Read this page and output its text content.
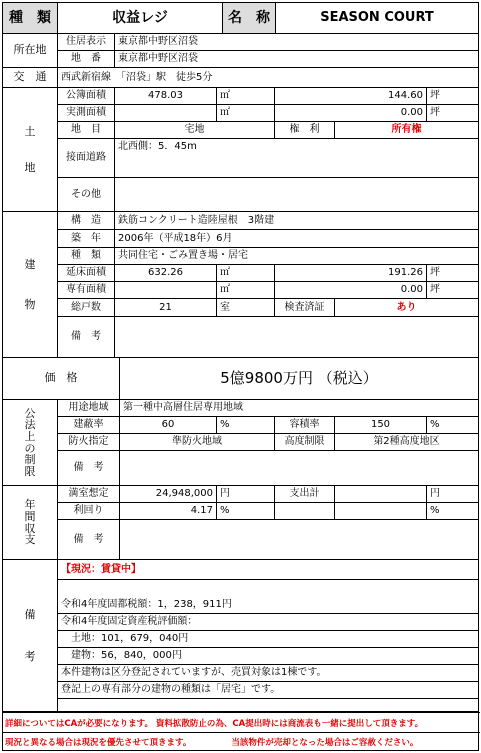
種　類	収益レジ	名　称	SEASON COURT
所在地
住居表示	東京都中野区沼袋
地　番	東京都中野区沼袋
交　通	西武新宿線　「沼袋」駅　徒歩5分
土
地
公簿面積	478.03	㎡	144.60 坪
実測面積	㎡	0.00 坪
地　目	宅地	権　利	所有権
接面道路
北西側：5．45m
その他
建
物
構　造	鉄筋コンクリート造陸屋根　3階建
築　年	2006年（平成18年）6月
種　類	共同住宅・ごみ置き場・居宅
延床面積	632.26	㎡	191.26 坪
専有面積	㎡	0.00 坪
総戸数	21	室	検査済証	あり
備　考
価　格	5億9800万円 （税込）
公
法
上
の
制
限
用途地域	第一種中高層住居専用地域
建蔽率	60	%	容積率	150	%
防火指定	準防火地域	高度制限	第2種高度地区
備　考
年
間
収
支
満室想定	24,948,000 円	支出計	円
利回り	4.17 %	%
備　考
備
考
【現況：賃貸中】
令和4年度固都税額：1，238，911円
令和4年度固定資産税評価額：
　土地：101，679，040円
　建物：56，840，000円
本件建物は区分登記されていますが、売買対象は1棟です。
登記上の専有部分の建物の種類は「居宅」です。
詳細についてはCAが必要になります。 資料拡散防止の為、CA提出時には商流表も一緒に提出して頂きます。
現況と異なる場合は現況を優先させて頂きます。	当該物件が売却となった場合はご容赦ください。
